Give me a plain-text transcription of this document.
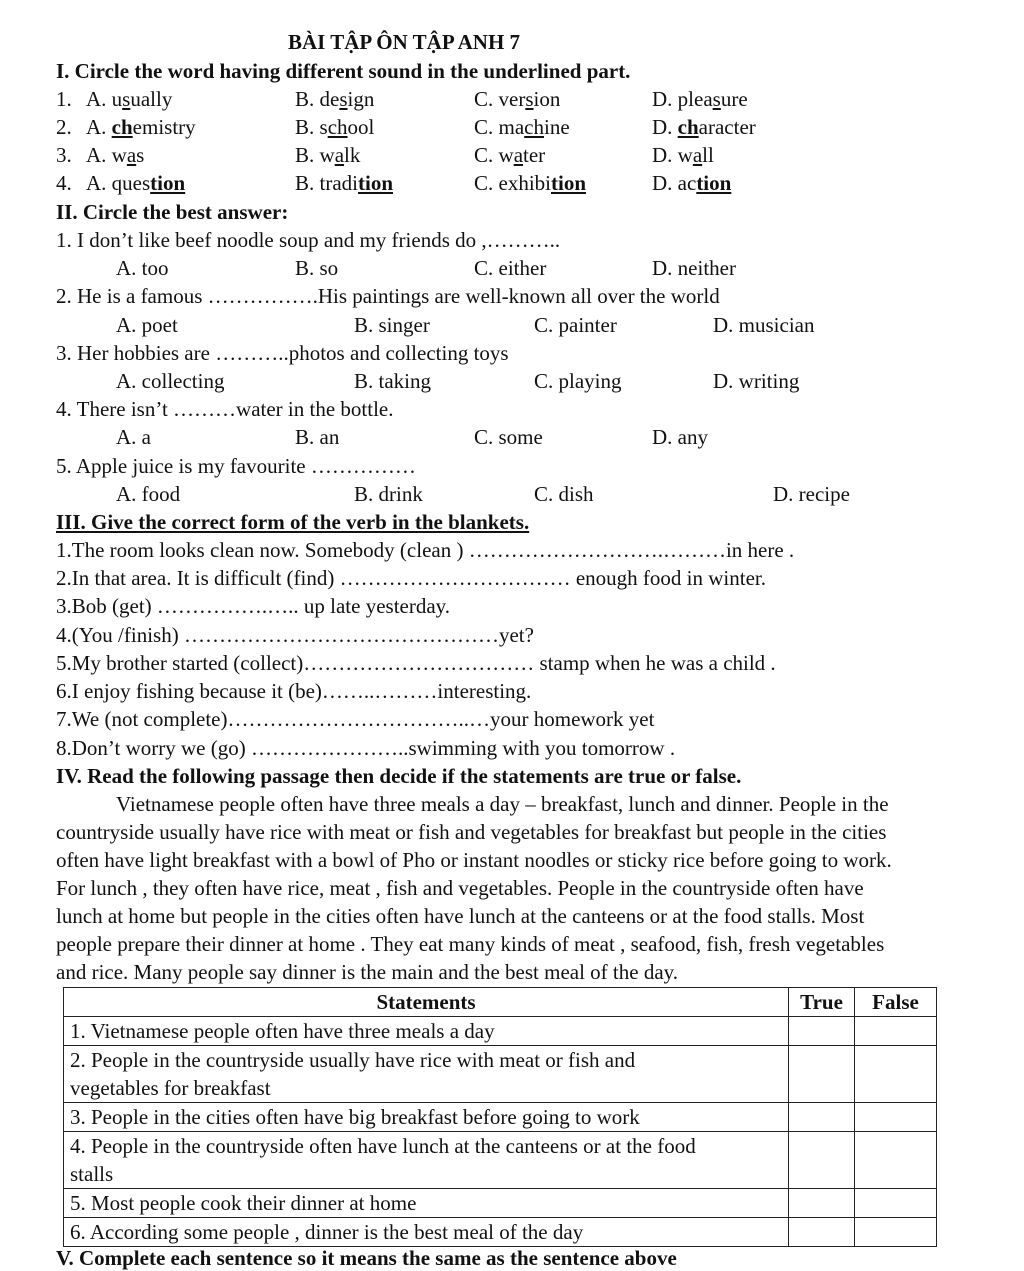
BÀI TẬP ÔN TẬP ANH 7
I. Circle the word having different sound in the underlined part.
1. A. usually	B. design	C. version	D. pleasure
2. A. chemistry	B. school	C. machine	D. character
3. A. was	B. walk	C. water	D. wall
4. A. question	B. tradition	C. exhibition	D. action
II. Circle the best answer:
1. I don’t like beef noodle soup and my friends do ,………..
A. too	B. so	C. either	D. neither
2. He is a famous …………….His paintings are well-known all over the world
A. poet	B. singer	C. painter	D. musician
3. Her hobbies are ………..photos and collecting toys
A. collecting	B. taking	C. playing	D. writing
4. There isn’t ………water in the bottle.
A. a	B. an	C. some	D. any
5. Apple juice is my favourite ……………
A. food	B. drink	C. dish	D. recipe
III. Give the correct form of the verb in the blankets.
1.The room looks clean now. Somebody (clean ) ……………………….………in here .
2.In that area. It is difficult (find) …………………………… enough food in winter.
3.Bob (get) …………….….. up late yesterday.
4.(You /finish) ………………………………………yet?
5.My brother started (collect)…………………………… stamp when he was a child .
6.I enjoy fishing because it (be)……..………interesting.
7.We (not complete)……………………………..…your homework yet
8.Don’t worry we (go) …………………..swimming with you tomorrow .
IV. Read the following passage then decide if the statements are true or false.
Vietnamese people often have three meals a day – breakfast, lunch and dinner. People in the
countryside usually have rice with meat or fish and vegetables for breakfast but people in the cities
often have light breakfast with a bowl of Pho or instant noodles or sticky rice before going to work.
For lunch , they often have rice, meat , fish and vegetables. People in the countryside often have
lunch at home but people in the cities often have lunch at the canteens or at the food stalls. Most
people prepare their dinner at home . They eat many kinds of meat , seafood, fish, fresh vegetables
and rice. Many people say dinner is the main and the best meal of the day.
Statements	True	False

1. Vietnamese people often have three meals a day		

2. People in the countryside usually have rice with meat or fish and
vegetables for breakfast		

3. People in the cities often have big breakfast before going to work		

4. People in the countryside often have lunch at the canteens or at the food
stalls		

5. Most people cook their dinner at home		

6. According some people , dinner is the best meal of the day		

V. Complete each sentence so it means the same as the sentence above
